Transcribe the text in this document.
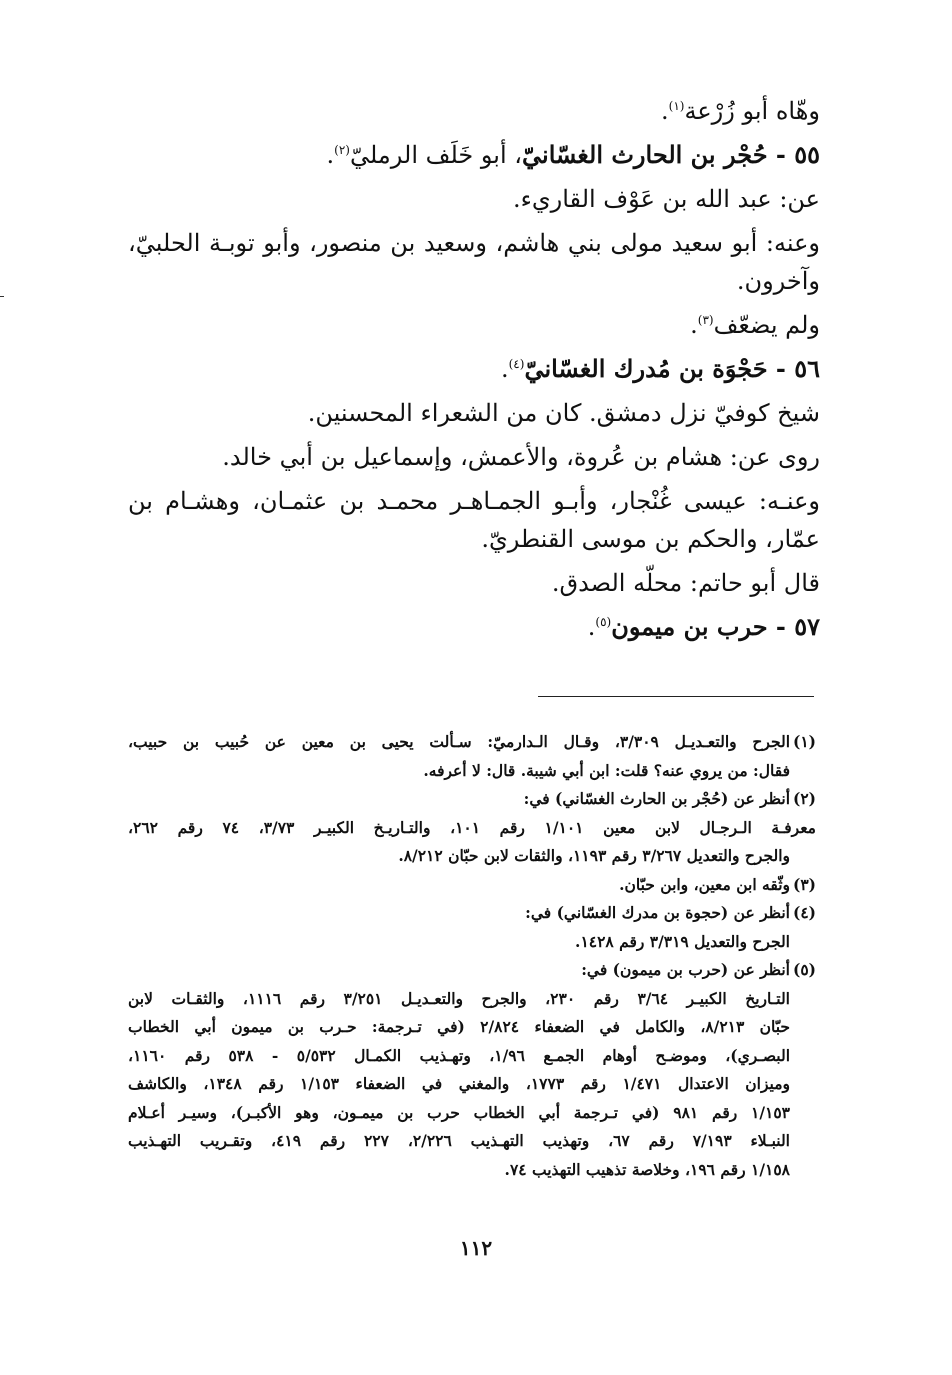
وهّاه أبو زُرْعة$^{(١)}$.

٥٥ - حُجْر بن الحارث الغسّانيّ، أبو خَلَف الرمليّ$^{(٢)}$.

عن: عبد الله بن عَوْف القاريء.

وعنه: أبو سعيد مولى بني هاشم، وسعيد بن منصور، وأبو توبـة الحلبيّ، وآخرون.

ولم يضعّف$^{(٣)}$.

٥٦ - حَجْوَة بن مُدرك الغسّانيّ$^{(٤)}$.

شيخ كوفيّ نزل دمشق. كان من الشعراء المحسنين.

روى عن: هشام بن عُروة، والأعمش، وإسماعيل بن أبي خالد.

وعنـه: عيسى غُنْجار، وأبـو الجمـاهـر محمـد بن عثمـان، وهشـام بن عمّار، والحكم بن موسى القنطريّ.

قال أبو حاتم: محلّه الصدق.

٥٧ - حرب بن ميمون$^{(٥)}$.

(١)الجرح والتعـديـل ٣/٣٠٩، وقـال الـدارميّ: سـألت يحيى بن معين عن حُبيب بن حبيب،
فقال: من يروي عنه؟ قلت: ابن أبي شيبة. قال: لا أعرفه.
(٢)أنظر عن (حُجْر بن الحارث الغسّاني) في:
معرفـة الـرجـال لابن معين ١/١٠١ رقم ١٠١، والتـاريـخ الكبيـر ٣/٧٣، ٧٤ رقم ٢٦٢،
والجرح والتعديل ٣/٢٦٧ رقم ١١٩٣، والثقات لابن حبّان ٨/٢١٢.
(٣)وثّقه ابن معين، وابن حبّان.
(٤)أنظر عن (حجوة بن مدرك الغسّاني) في:
الجرح والتعديل ٣/٣١٩ رقم ١٤٢٨.
(٥)أنظر عن (حرب بن ميمون) في:
التـاريخ الكبيـر ٣/٦٤ رقم ٢٣٠، والجرح والتعـديـل ٣/٢٥١ رقم ١١١٦، والثقـات لابن
حبّان ٨/٢١٣، والكامل في الضعفاء ٢/٨٢٤ (في تـرجمة: حـرب بن ميمون أبي الخطاب
البصـري)، وموضـح أوهام الجمـع ١/٩٦، وتهـذيب الكمـال ٥/٥٣٢ - ٥٣٨ رقم ١١٦٠،
وميزان الاعتدال ١/٤٧١ رقم ١٧٧٣، والمغني في الضعفاء ١/١٥٣ رقم ١٣٤٨، والكاشف
١/١٥٣ رقم ٩٨١ (في تـرجمة أبي الخطاب حرب بن ميمـون، وهو الأكبـر)، وسيـر أعـلام
النبـلاء ٧/١٩٣ رقم ٦٧، وتهذيب التهـذيب ٢/٢٢٦، ٢٢٧ رقم ٤١٩، وتقـريب التهـذيب
١/١٥٨ رقم ١٩٦، وخلاصة تذهيب التهذيب ٧٤.
١١٢
